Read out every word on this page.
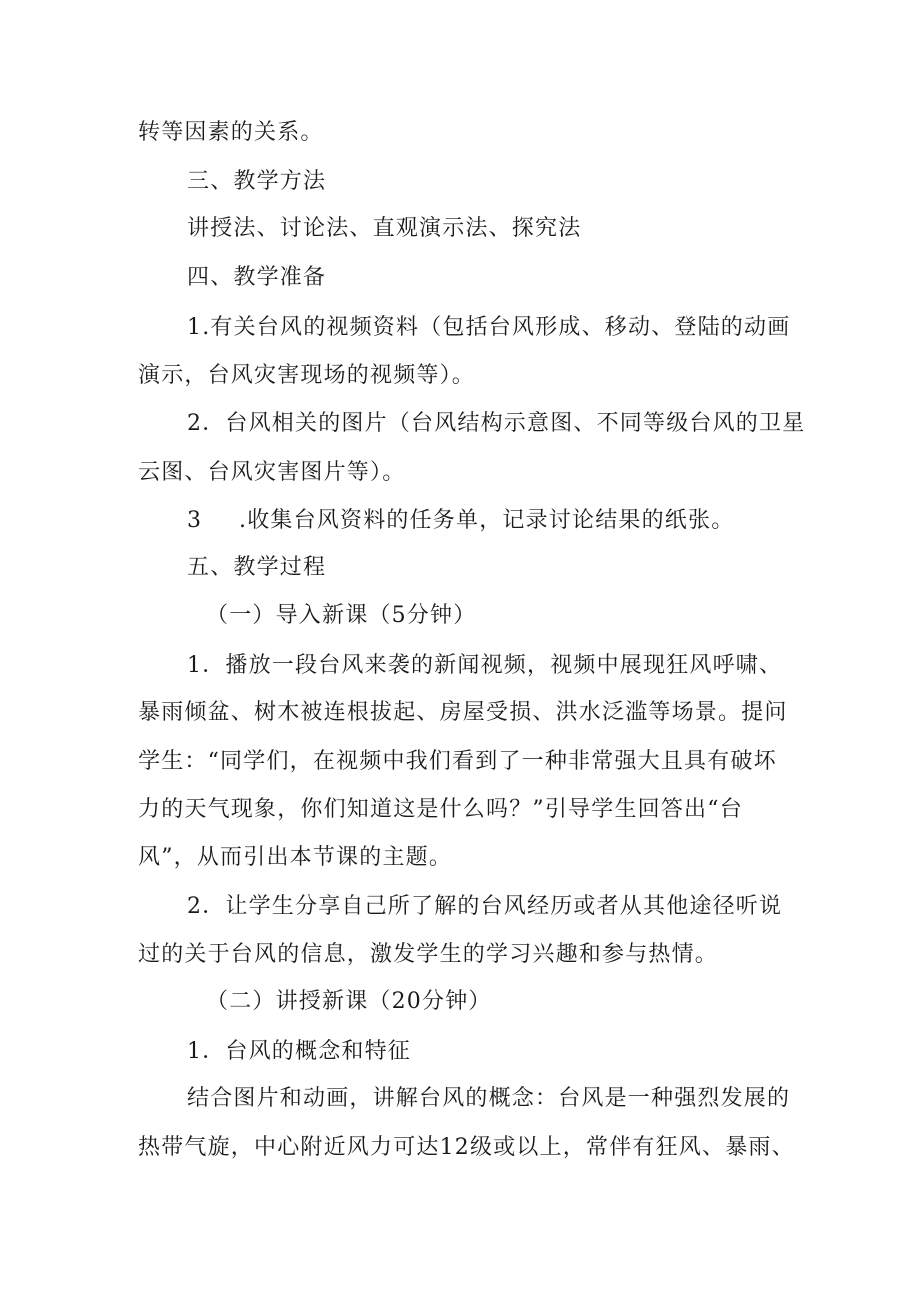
转等因素的关系。
三、教学方法
讲授法、讨论法、直观演示法、探究法
四、教学准备
1.有关台风的视频资料（包括台风形成、移动、登陆的动画
演示，台风灾害现场的视频等）。
2．台风相关的图片（台风结构示意图、不同等级台风的卫星
云图、台风灾害图片等）。
3 .收集台风资料的任务单，记录讨论结果的纸张。
五、教学过程
（一）导入新课（5分钟）
1．播放一段台风来袭的新闻视频，视频中展现狂风呼啸、
暴雨倾盆、树木被连根拔起、房屋受损、洪水泛滥等场景。提问
学生：“同学们，在视频中我们看到了一种非常强大且具有破坏
力的天气现象，你们知道这是什么吗？”引导学生回答出“台
风”，从而引出本节课的主题。
2．让学生分享自己所了解的台风经历或者从其他途径听说
过的关于台风的信息，激发学生的学习兴趣和参与热情。
（二）讲授新课（20分钟）
1．台风的概念和特征
结合图片和动画，讲解台风的概念：台风是一种强烈发展的
热带气旋，中心附近风力可达12级或以上，常伴有狂风、暴雨、
